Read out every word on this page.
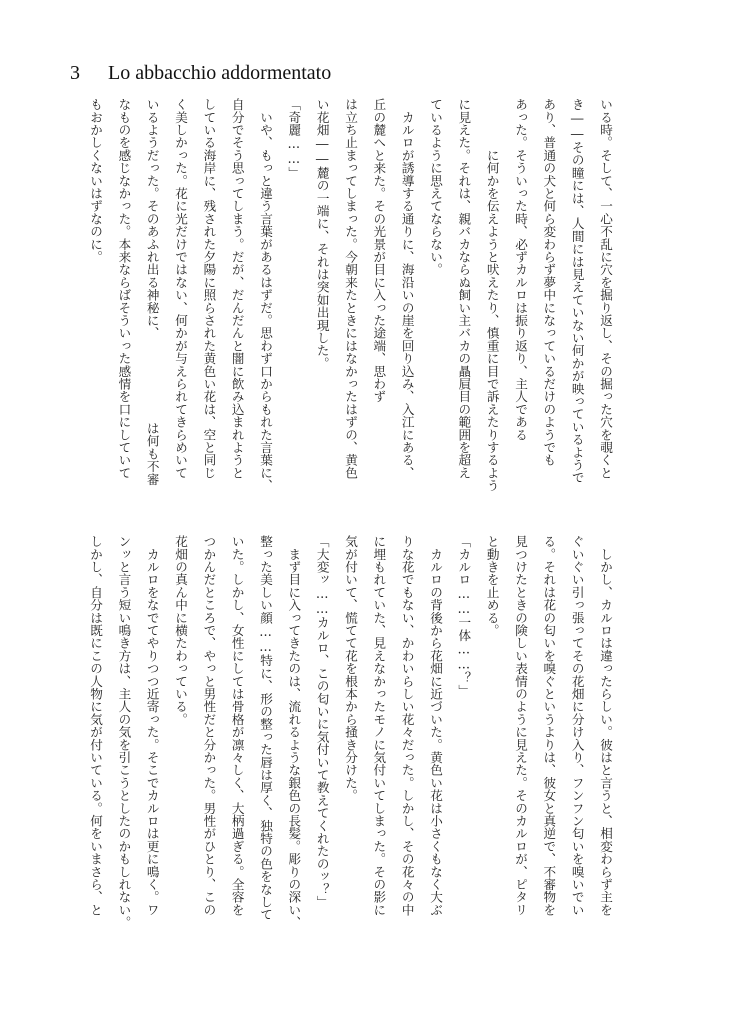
3 Lo abbacchio addormentato
いる時。そして、一心不乱に穴を掘り返し、その掘った穴を覗くと
き――その瞳には、人間には見えていない何かが映っているようで
あり、普通の犬と何ら変わらず夢中になっているだけのようでも
あった。そういった時、必ずカルロは振り返り、主人である
　　　　に何かを伝えようと吠えたり、慎重に目で訴えたりするよう
に見えた。それは、親バカならぬ飼い主バカの贔屓目の範囲を超え
ているように思えてならない。
　カルロが誘導する通りに、海沿いの崖を回り込み、入江にある、
丘の麓へと来た。その光景が目に入った途端、思わず
は立ち止まってしまった。今朝来たときにはなかったはずの、黄色
い花畑――麓の一端に、それは突如出現した。
「奇麗……」
　いや、もっと違う言葉があるはずだ。思わず口からもれた言葉に、
自分でそう思ってしまう。だが、だんだんと闇に飲み込まれようと
している海岸に、残された夕陽に照らされた黄色い花は、空と同じ
く美しかった。花に光だけではない、何かが与えられてきらめいて
いるようだった。そのあふれ出る神秘に、　　　　　　　は何も不審
なものを感じなかった。本来ならばそういった感情を口にしていて
もおかしくないはずなのに。
　しかし、カルロは違ったらしい。彼はと言うと、相変わらず主を
ぐいぐい引っ張ってその花畑に分け入り、フンフン匂いを嗅いでい
る。それは花の匂いを嗅ぐというよりは、彼女と真逆で、不審物を
見つけたときの険しい表情のように見えた。そのカルロが、ピタリ
と動きを止める。
「カルロ……一体……？」
　カルロの背後から花畑に近づいた。黄色い花は小さくもなく大ぶ
りな花でもない、かわいらしい花々だった。しかし、その花々の中
に埋もれていた、見えなかったモノに気付いてしまった。その影に
気が付いて、慌てて花を根本から掻き分けた。
「大変ッ……カルロ、この匂いに気付いて教えてくれたのッ？」
　まず目に入ってきたのは、流れるような銀色の長髪。彫りの深い、
整った美しい顔……特に、形の整った唇は厚く、独特の色をなして
いた。しかし、女性にしては骨格が凛々しく、大柄過ぎる。全容を
つかんだところで、やっと男性だと分かった。男性がひとり、この
花畑の真ん中に横たわっている。
　カルロをなでてやりつつ近寄った。そこでカルロは更に鳴く。ワ
ンッと言う短い鳴き方は、主人の気を引こうとしたのかもしれない。
しかし、自分は既にこの人物に気が付いている。何をいまさら、と
